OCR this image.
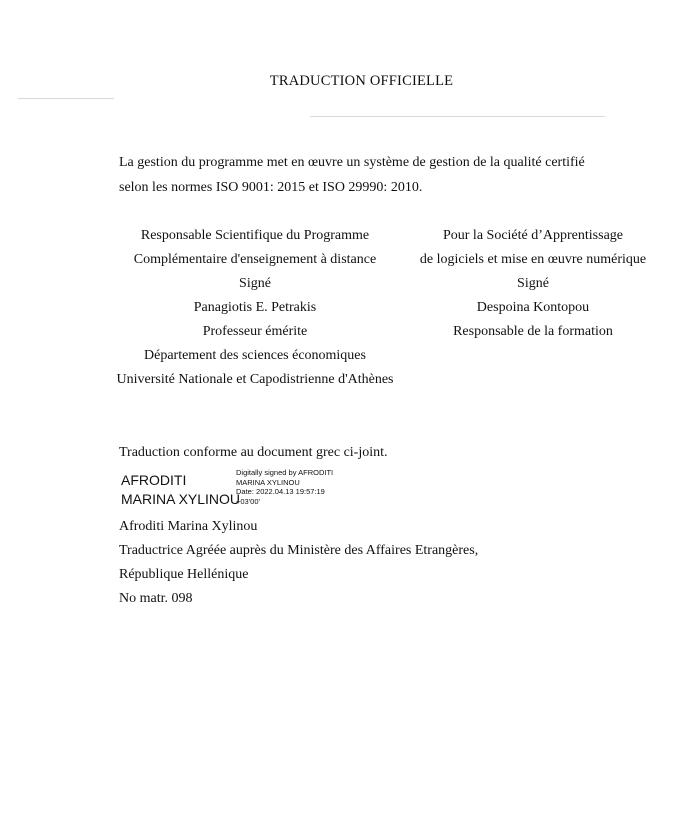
TRADUCTION OFFICIELLE
La gestion du programme met en œuvre un système de gestion de la qualité certifié
selon les normes ISO 9001: 2015 et ISO 29990: 2010.
Responsable Scientifique du Programme
Complémentaire d'enseignement à distance
Signé
Panagiotis E. Petrakis
Professeur émérite
Département des sciences économiques
Université Nationale et Capodistrienne d'Athènes
Pour la Société d’Apprentissage
de logiciels et mise en œuvre numérique
Signé
Despoina Kontopou
Responsable de la formation
Traduction conforme au document grec ci-joint.
AFRODITI
MARINA XYLINOU
Digitally signed by AFRODITI
MARINA XYLINOU
Date: 2022.04.13 19:57:19
+03'00'
Afroditi Marina Xylinou
Traductrice Agréée auprès du Ministère des Affaires Etrangères,
République Hellénique
No matr. 098
